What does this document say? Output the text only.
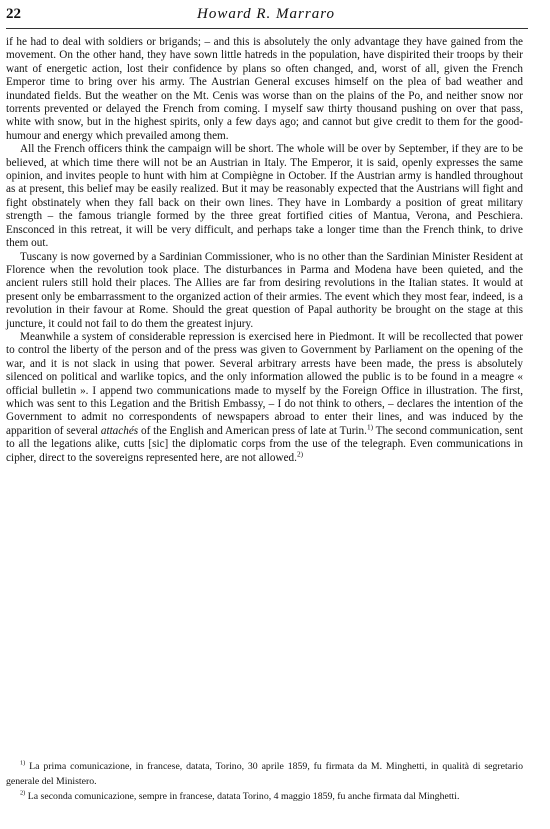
22	Howard R. Marraro

if he had to deal with soldiers or brigands; – and this is absolutely the only advantage they have gained from the movement. On the other hand, they have sown little hatreds in the population, have dispirited their troops by their want of energetic action, lost their confidence by plans so often changed, and, worst of all, given the French Emperor time to bring over his army. The Austrian General excuses himself on the plea of bad weather and inundated fields. But the weather on the Mt. Cenis was worse than on the plains of the Po, and neither snow nor torrents prevented or delayed the French from coming. I myself saw thirty thousand pushing on over that pass, white with snow, but in the highest spirits, only a few days ago; and cannot but give credit to them for the good-humour and energy which prevailed among them.

All the French officers think the campaign will be short. The whole will be over by September, if they are to be believed, at which time there will not be an Austrian in Italy. The Emperor, it is said, openly expresses the same opinion, and invites people to hunt with him at Compiègne in October. If the Austrian army is handled throughout as at present, this belief may be easily realized. But it may be reasonably expected that the Austrians will fight and fight obstinately when they fall back on their own lines. They have in Lombardy a position of great military strength – the famous triangle formed by the three great fortified cities of Mantua, Verona, and Peschiera. Ensconced in this retreat, it will be very difficult, and perhaps take a longer time than the French think, to drive them out.

Tuscany is now governed by a Sardinian Commissioner, who is no other than the Sardinian Minister Resident at Florence when the revolution took place. The disturbances in Parma and Modena have been quieted, and the ancient rulers still hold their places. The Allies are far from desiring revolutions in the Italian states. It would at present only be embarrassment to the organized action of their armies. The event which they most fear, indeed, is a revolution in their favour at Rome. Should the great question of Papal authority be brought on the stage at this juncture, it could not fail to do them the greatest injury.

Meanwhile a system of considerable repression is exercised here in Piedmont. It will be recollected that power to control the liberty of the person and of the press was given to Government by Parliament on the opening of the war, and it is not slack in using that power. Several arbitrary arrests have been made, the press is absolutely silenced on political and warlike topics, and the only information allowed the public is to be found in a meagre « official bulletin ». I append two communications made to myself by the Foreign Office in illustration. The first, which was sent to this Legation and the British Embassy, – I do not think to others, – declares the intention of the Government to admit no correspondents of newspapers abroad to enter their lines, and was induced by the apparition of several attachés of the English and American press of late at Turin.$^{1)}$ The second communication, sent to all the legations alike, cutts [sic] the diplomatic corps from the use of the telegraph. Even communications in cipher, direct to the sovereigns represented here, are not allowed.$^{2)}$

$^{1)}$ La prima comunicazione, in francese, datata, Torino, 30 aprile 1859, fu firmata da M. Minghetti, in qualità di segretario generale del Ministero.

$^{2)}$ La seconda comunicazione, sempre in francese, datata Torino, 4 maggio 1859, fu anche firmata dal Minghetti.
